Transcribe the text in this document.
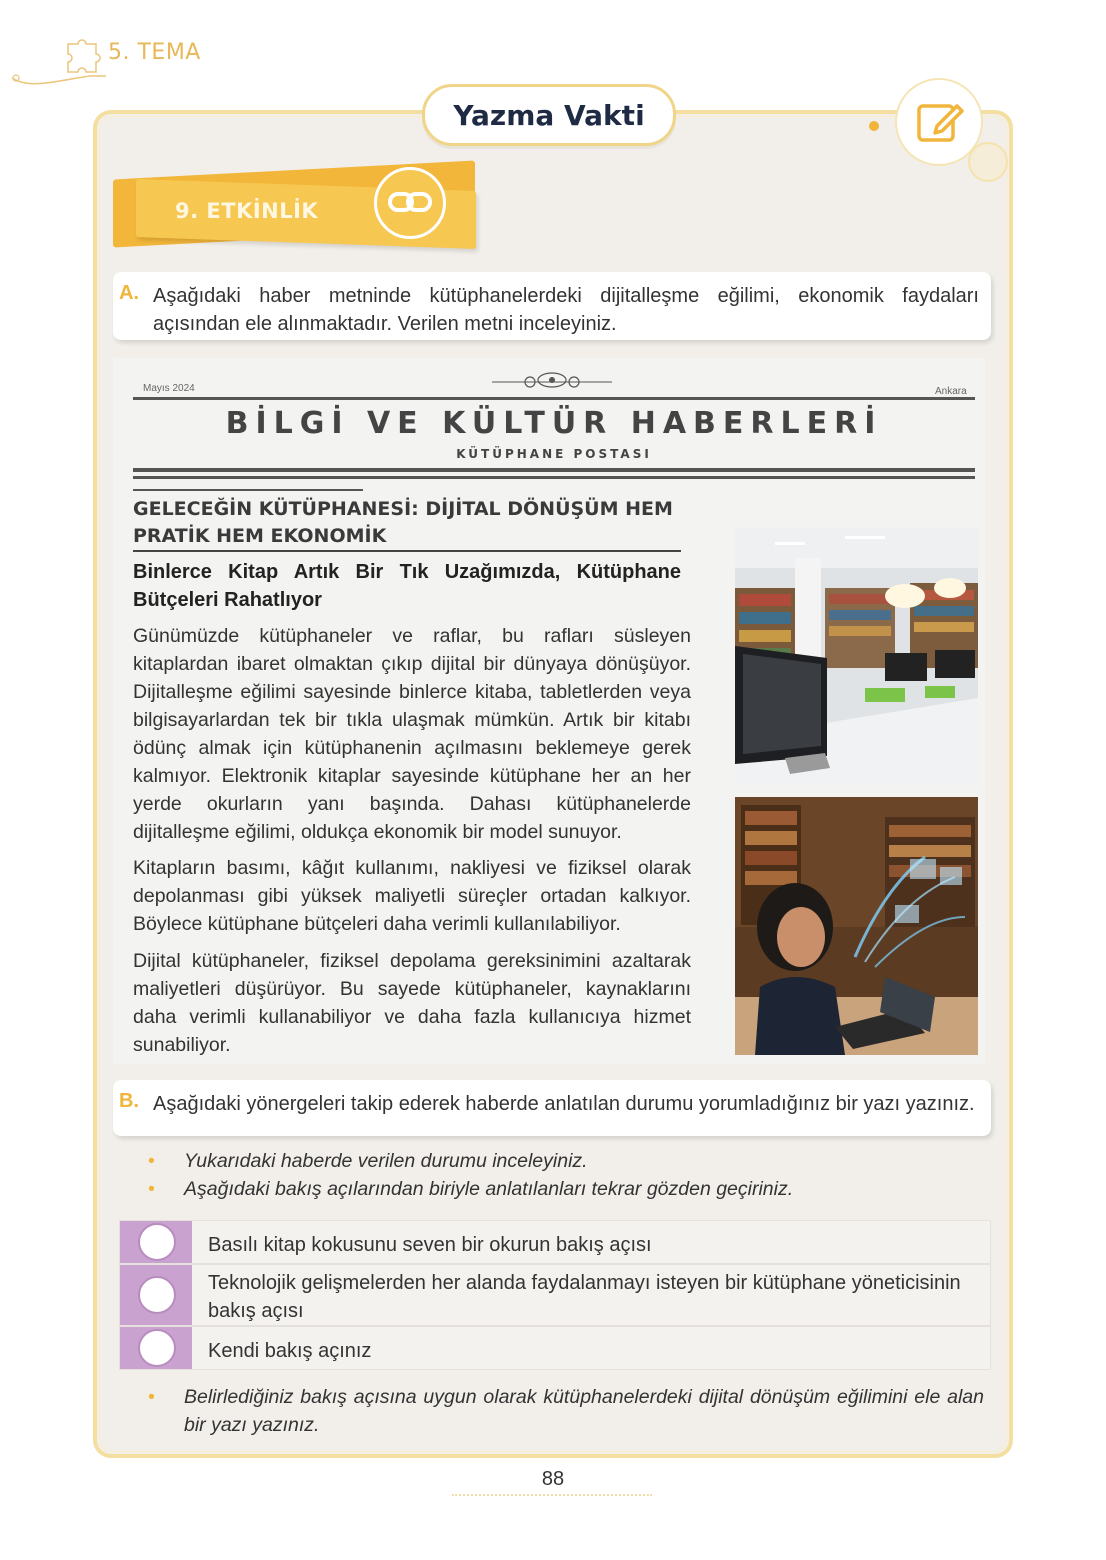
5. TEMA
Yazma Vakti
9. ETKİNLİK
A. Aşağıdaki haber metninde kütüphanelerdeki dijitalleşme eğilimi, ekonomik faydaları açısından ele alınmaktadır. Verilen metni inceleyiniz.
Mayıs 2024	Ankara
BİLGİ VE KÜLTÜR HABERLERİ
KÜTÜPHANE POSTASI
GELECEĞİN KÜTÜPHANESİ: DİJİTAL DÖNÜŞÜM HEM PRATİK HEM EKONOMİK
Binlerce Kitap Artık Bir Tık Uzağımızda, Kütüphane Bütçeleri Rahatlıyor
Günümüzde kütüphaneler ve raflar, bu rafları süsleyen kitaplardan ibaret olmaktan çıkıp dijital bir dünyaya dönüşüyor. Dijitalleşme eğilimi sayesinde binlerce kitaba, tabletlerden veya bilgisayarlardan tek bir tıkla ulaşmak mümkün. Artık bir kitabı ödünç almak için kütüphanenin açılmasını beklemeye gerek kalmıyor. Elektronik kitaplar sayesinde kütüphane her an her yerde okurların yanı başında. Dahası kütüphanelerde dijitalleşme eğilimi, oldukça ekonomik bir model sunuyor.
Kitapların basımı, kâğıt kullanımı, nakliyesi ve fiziksel olarak depolanması gibi yüksek maliyetli süreçler ortadan kalkıyor. Böylece kütüphane bütçeleri daha verimli kullanılabiliyor.
Dijital kütüphaneler, fiziksel depolama gereksinimini azaltarak maliyetleri düşürüyor. Bu sayede kütüphaneler, kaynaklarını daha verimli kullanabiliyor ve daha fazla kullanıcıya hizmet sunabiliyor.
B. Aşağıdaki yönergeleri takip ederek haberde anlatılan durumu yorumladığınız bir yazı yazınız.
• Yukarıdaki haberde verilen durumu inceleyiniz.
• Aşağıdaki bakış açılarından biriyle anlatılanları tekrar gözden geçiriniz.
Basılı kitap kokusunu seven bir okurun bakış açısı
Teknolojik gelişmelerden her alanda faydalanmayı isteyen bir kütüphane yöneticisinin bakış açısı
Kendi bakış açınız
• Belirlediğiniz bakış açısına uygun olarak kütüphanelerdeki dijital dönüşüm eğilimini ele alan bir yazı yazınız.
88
